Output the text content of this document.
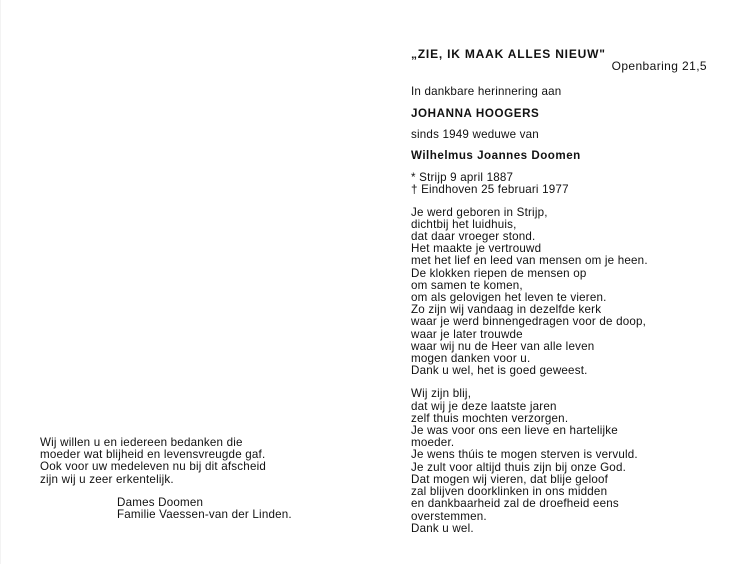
„ZIE, IK MAAK ALLES NIEUW"

Openbaring 21,5

In dankbare herinnering aan

JOHANNA HOOGERS

sinds 1949 weduwe van

Wilhelmus Joannes Doomen

* Strijp 9 april 1887
† Eindhoven 25 februari 1977
Je werd geboren in Strijp,
dichtbij het luidhuis,
dat daar vroeger stond.
Het maakte je vertrouwd
met het lief en leed van mensen om je heen.
De klokken riepen de mensen op
om samen te komen,
om als gelovigen het leven te vieren.
Zo zijn wij vandaag in dezelfde kerk
waar je werd binnengedragen voor de doop,
waar je later trouwde
waar wij nu de Heer van alle leven
mogen danken voor u.
Dank u wel, het is goed geweest.
Wij zijn blij,
dat wij je deze laatste jaren
zelf thuis mochten verzorgen.
Je was voor ons een lieve en hartelijke
moeder.
Je wens thúis te mogen sterven is vervuld.
Je zult voor altijd thuis zijn bij onze God.
Dat mogen wij vieren, dat blije geloof
zal blijven doorklinken in ons midden
en dankbaarheid zal de droefheid eens
overstemmen.
Dank u wel.
Wij willen u en iedereen bedanken die
moeder wat blijheid en levensvreugde gaf.
Ook voor uw medeleven nu bij dit afscheid
zijn wij u zeer erkentelijk.
Dames Doomen
Familie Vaessen-van der Linden.
